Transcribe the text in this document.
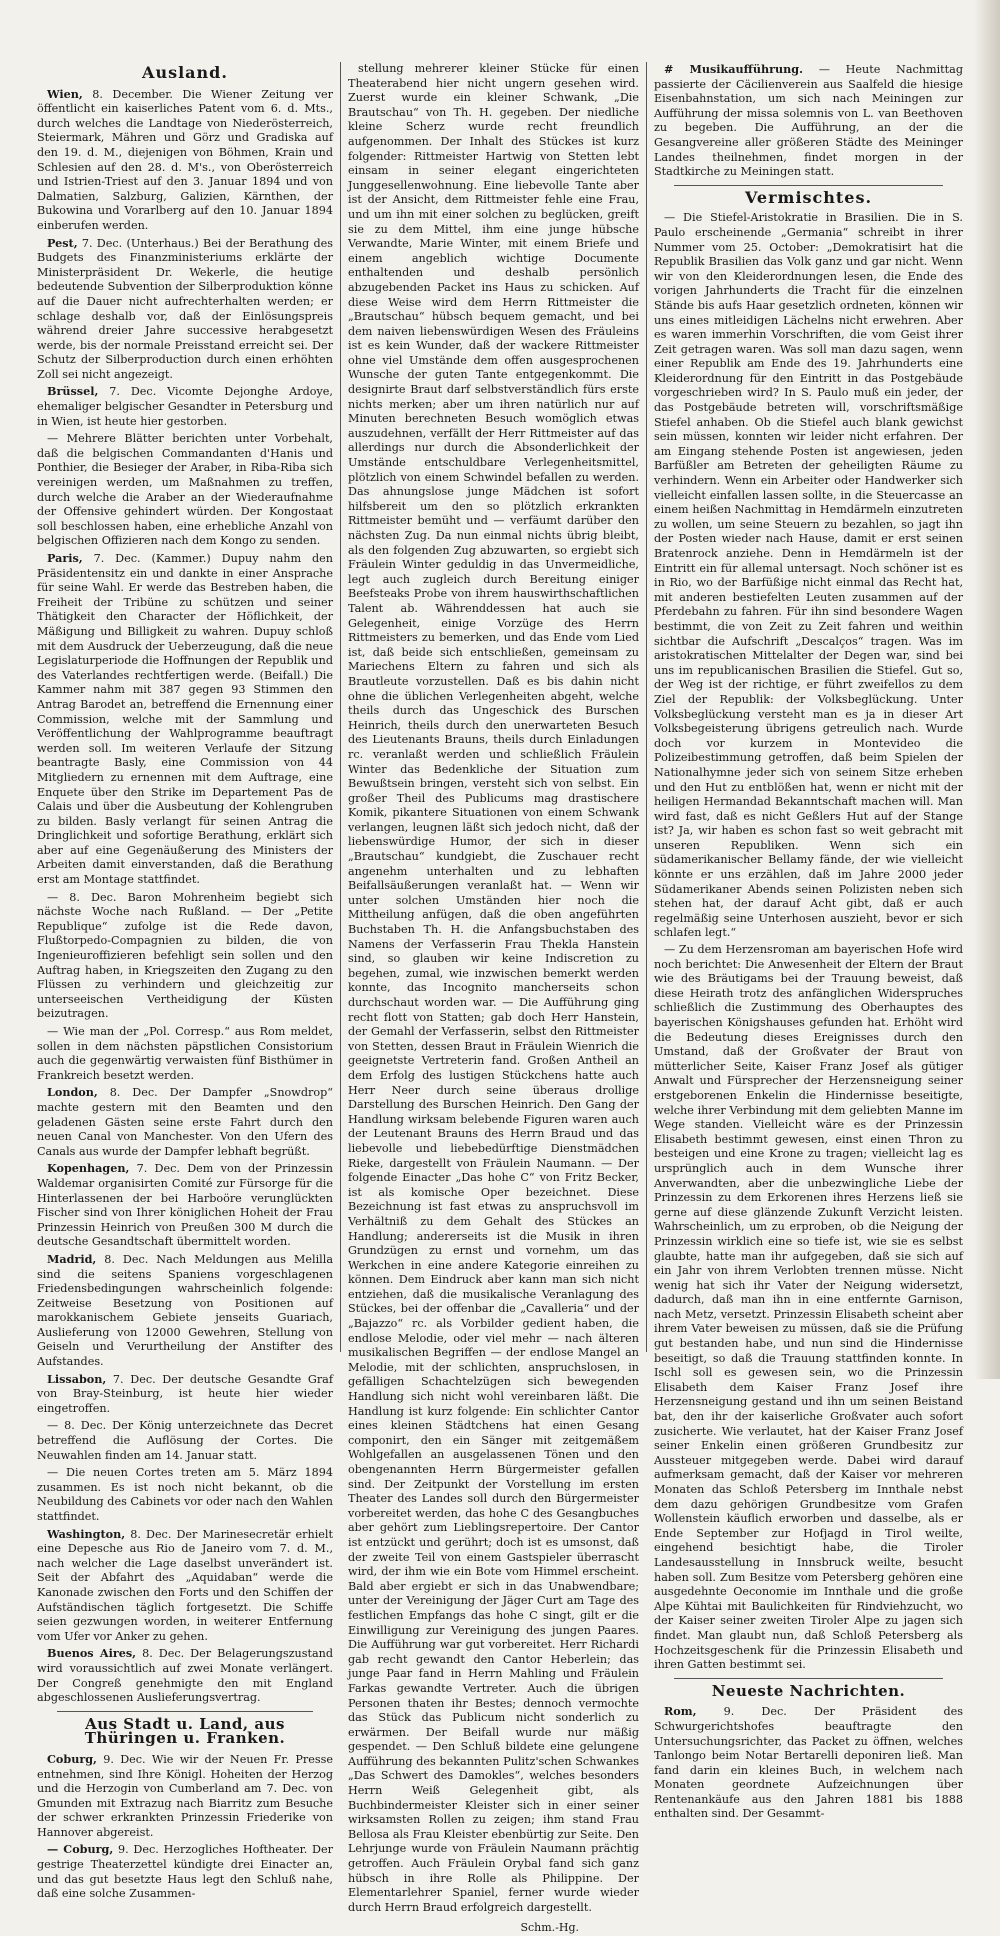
Ausland.

Wien, 8. December. Die Wiener Zeitung ver öffentlicht ein kaiserliches Patent vom 6. d. Mts., durch welches die Landtage von Niederösterreich, Steiermark, Mähren und Görz und Gradiska auf den 19. d. M., diejenigen von Böhmen, Krain und Schlesien auf den 28. d. M's., von Oberösterreich und Istrien-Triest auf den 3. Januar 1894 und von Dalmatien, Salzburg, Galizien, Kärnthen, der Bukowina und Vorarlberg auf den 10. Januar 1894 einberufen werden.

Pest, 7. Dec. (Unterhaus.) Bei der Berathung des Budgets des Finanzministeriums erklärte der Ministerpräsident Dr. Wekerle, die heutige bedeutende Subvention der Silberproduktion könne auf die Dauer nicht aufrechterhalten werden; er schlage deshalb vor, daß der Einlösungspreis während dreier Jahre successive herabgesetzt werde, bis der normale Preisstand erreicht sei. Der Schutz der Silberproduction durch einen erhöhten Zoll sei nicht angezeigt.

Brüssel, 7. Dec. Vicomte Dejonghe Ardoye, ehemaliger belgischer Gesandter in Petersburg und in Wien, ist heute hier gestorben.

— Mehrere Blätter berichten unter Vorbehalt, daß die belgischen Commandanten d'Hanis und Ponthier, die Besieger der Araber, in Riba-Riba sich vereinigen werden, um Maßnahmen zu treffen, durch welche die Araber an der Wiederaufnahme der Offensive gehindert würden. Der Kongostaat soll beschlossen haben, eine erhebliche Anzahl von belgischen Offizieren nach dem Kongo zu senden.

Paris, 7. Dec. (Kammer.) Dupuy nahm den Präsidentensitz ein und dankte in einer Ansprache für seine Wahl. Er werde das Bestreben haben, die Freiheit der Tribüne zu schützen und seiner Thätigkeit den Character der Höflichkeit, der Mäßigung und Billigkeit zu wahren. Dupuy schloß mit dem Ausdruck der Ueberzeugung, daß die neue Legislaturperiode die Hoffnungen der Republik und des Vaterlandes rechtfertigen werde. (Beifall.) Die Kammer nahm mit 387 gegen 93 Stimmen den Antrag Barodet an, betreffend die Ernennung einer Commission, welche mit der Sammlung und Veröffentlichung der Wahlprogramme beauftragt werden soll. Im weiteren Verlaufe der Sitzung beantragte Basly, eine Commission von 44 Mitgliedern zu ernennen mit dem Auftrage, eine Enquete über den Strike im Departement Pas de Calais und über die Ausbeutung der Kohlengruben zu bilden. Basly verlangt für seinen Antrag die Dringlichkeit und sofortige Berathung, erklärt sich aber auf eine Gegenäußerung des Ministers der Arbeiten damit einverstanden, daß die Berathung erst am Montage stattfindet.

— 8. Dec. Baron Mohrenheim begiebt sich nächste Woche nach Rußland. — Der „Petite Republique“ zufolge ist die Rede davon, Flußtorpedo-Compagnien zu bilden, die von Ingenieuroffizieren befehligt sein sollen und den Auftrag haben, in Kriegszeiten den Zugang zu den Flüssen zu verhindern und gleichzeitig zur unterseeischen Vertheidigung der Küsten beizutragen.

— Wie man der „Pol. Corresp.“ aus Rom meldet, sollen in dem nächsten päpstlichen Consistorium auch die gegenwärtig verwaisten fünf Bisthümer in Frankreich besetzt werden.

London, 8. Dec. Der Dampfer „Snowdrop“ machte gestern mit den Beamten und den geladenen Gästen seine erste Fahrt durch den neuen Canal von Manchester. Von den Ufern des Canals aus wurde der Dampfer lebhaft begrüßt.

Kopenhagen, 7. Dec. Dem von der Prinzessin Waldemar organisirten Comité zur Fürsorge für die Hinterlassenen der bei Harboöre verunglückten Fischer sind von Ihrer königlichen Hoheit der Frau Prinzessin Heinrich von Preußen 300 M durch die deutsche Gesandtschaft übermittelt worden.

Madrid, 8. Dec. Nach Meldungen aus Melilla sind die seitens Spaniens vorgeschlagenen Friedensbedingungen wahrscheinlich folgende: Zeitweise Besetzung von Positionen auf marokkanischem Gebiete jenseits Guariach, Auslieferung von 12000 Gewehren, Stellung von Geiseln und Verurtheilung der Anstifter des Aufstandes.

Lissabon, 7. Dec. Der deutsche Gesandte Graf von Bray-Steinburg, ist heute hier wieder eingetroffen.

— 8. Dec. Der König unterzeichnete das Decret betreffend die Auflösung der Cortes. Die Neuwahlen finden am 14. Januar statt.

— Die neuen Cortes treten am 5. März 1894 zusammen. Es ist noch nicht bekannt, ob die Neubildung des Cabinets vor oder nach den Wahlen stattfindet.

Washington, 8. Dec. Der Marinesecretär erhielt eine Depesche aus Rio de Janeiro vom 7. d. M., nach welcher die Lage daselbst unverändert ist. Seit der Abfahrt des „Aquidaban“ werde die Kanonade zwischen den Forts und den Schiffen der Aufständischen täglich fortgesetzt. Die Schiffe seien gezwungen worden, in weiterer Entfernung vom Ufer vor Anker zu gehen.

Buenos Aires, 8. Dec. Der Belagerungszustand wird voraussichtlich auf zwei Monate verlängert. Der Congreß genehmigte den mit England abgeschlossenen Auslieferungsvertrag.

Aus Stadt u. Land, aus Thüringen u. Franken.

Coburg, 9. Dec. Wie wir der Neuen Fr. Presse entnehmen, sind Ihre Königl. Hoheiten der Herzog und die Herzogin von Cumberland am 7. Dec. von Gmunden mit Extrazug nach Biarritz zum Besuche der schwer erkrankten Prinzessin Friederike von Hannover abgereist.

— Coburg, 9. Dec. Herzogliches Hoftheater. Der gestrige Theaterzettel kündigte drei Einacter an, und das gut besetzte Haus legt den Schluß nahe, daß eine solche Zusammen-

stellung mehrerer kleiner Stücke für einen Theaterabend hier nicht ungern gesehen wird. Zuerst wurde ein kleiner Schwank, „Die Brautschau“ von Th. H. gegeben. Der niedliche kleine Scherz wurde recht freundlich aufgenommen. Der Inhalt des Stückes ist kurz folgender: Rittmeister Hartwig von Stetten lebt einsam in seiner elegant eingerichteten Junggesellenwohnung. Eine liebevolle Tante aber ist der Ansicht, dem Rittmeister fehle eine Frau, und um ihn mit einer solchen zu beglücken, greift sie zu dem Mittel, ihm eine junge hübsche Verwandte, Marie Winter, mit einem Briefe und einem angeblich wichtige Documente enthaltenden und deshalb persönlich abzugebenden Packet ins Haus zu schicken. Auf diese Weise wird dem Herrn Rittmeister die „Brautschau“ hübsch bequem gemacht, und bei dem naiven liebenswürdigen Wesen des Fräuleins ist es kein Wunder, daß der wackere Rittmeister ohne viel Umstände dem offen ausgesprochenen Wunsche der guten Tante entgegenkommt. Die designirte Braut darf selbstverständlich fürs erste nichts merken; aber um ihren natürlich nur auf Minuten berechneten Besuch womöglich etwas auszudehnen, verfällt der Herr Rittmeister auf das allerdings nur durch die Absonderlichkeit der Umstände entschuldbare Verlegenheitsmittel, plötzlich von einem Schwindel befallen zu werden. Das ahnungslose junge Mädchen ist sofort hilfsbereit um den so plötzlich erkrankten Rittmeister bemüht und — verfäumt darüber den nächsten Zug. Da nun einmal nichts übrig bleibt, als den folgenden Zug abzuwarten, so ergiebt sich Fräulein Winter geduldig in das Unvermeidliche, legt auch zugleich durch Bereitung einiger Beefsteaks Probe von ihrem hauswirthschaftlichen Talent ab. Währenddessen hat auch sie Gelegenheit, einige Vorzüge des Herrn Rittmeisters zu bemerken, und das Ende vom Lied ist, daß beide sich entschließen, gemeinsam zu Mariechens Eltern zu fahren und sich als Brautleute vorzustellen. Daß es bis dahin nicht ohne die üblichen Verlegenheiten abgeht, welche theils durch das Ungeschick des Burschen Heinrich, theils durch den unerwarteten Besuch des Lieutenants Brauns, theils durch Einladungen rc. veranlaßt werden und schließlich Fräulein Winter das Bedenkliche der Situation zum Bewußtsein bringen, versteht sich von selbst. Ein großer Theil des Publicums mag drastischere Komik, pikantere Situationen von einem Schwank verlangen, leugnen läßt sich jedoch nicht, daß der liebenswürdige Humor, der sich in dieser „Brautschau“ kundgiebt, die Zuschauer recht angenehm unterhalten und zu lebhaften Beifallsäußerungen veranlaßt hat. — Wenn wir unter solchen Umständen hier noch die Mittheilung anfügen, daß die oben angeführten Buchstaben Th. H. die Anfangsbuchstaben des Namens der Verfasserin Frau Thekla Hanstein sind, so glauben wir keine Indiscretion zu begehen, zumal, wie inzwischen bemerkt werden konnte, das Incognito mancherseits schon durchschaut worden war. — Die Aufführung ging recht flott von Statten; gab doch Herr Hanstein, der Gemahl der Verfasserin, selbst den Rittmeister von Stetten, dessen Braut in Fräulein Wienrich die geeignetste Vertreterin fand. Großen Antheil an dem Erfolg des lustigen Stückchens hatte auch Herr Neer durch seine überaus drollige Darstellung des Burschen Heinrich. Den Gang der Handlung wirksam belebende Figuren waren auch der Leutenant Brauns des Herrn Braud und das liebevolle und liebebedürftige Dienstmädchen Rieke, dargestellt von Fräulein Naumann. — Der folgende Einacter „Das hohe C“ von Fritz Becker, ist als komische Oper bezeichnet. Diese Bezeichnung ist fast etwas zu anspruchsvoll im Verhältniß zu dem Gehalt des Stückes an Handlung; andererseits ist die Musik in ihren Grundzügen zu ernst und vornehm, um das Werkchen in eine andere Kategorie einreihen zu können. Dem Eindruck aber kann man sich nicht entziehen, daß die musikalische Veranlagung des Stückes, bei der offenbar die „Cavalleria“ und der „Bajazzo“ rc. als Vorbilder gedient haben, die endlose Melodie, oder viel mehr — nach älteren musikalischen Begriffen — der endlose Mangel an Melodie, mit der schlichten, anspruchslosen, in gefälligen Schachtelzügen sich bewegenden Handlung sich nicht wohl vereinbaren läßt. Die Handlung ist kurz folgende: Ein schlichter Cantor eines kleinen Städtchens hat einen Gesang componirt, den ein Sänger mit zeitgemäßem Wohlgefallen an ausgelassenen Tönen und den obengenannten Herrn Bürgermeister gefallen sind. Der Zeitpunkt der Vorstellung im ersten Theater des Landes soll durch den Bürgermeister vorbereitet werden, das hohe C des Gesangbuches aber gehört zum Lieblingsrepertoire. Der Cantor ist entzückt und gerührt; doch ist es umsonst, daß der zweite Teil von einem Gastspieler überrascht wird, der ihm wie ein Bote vom Himmel erscheint. Bald aber ergiebt er sich in das Unabwendbare; unter der Vereinigung der Jäger Curt am Tage des festlichen Empfangs das hohe C singt, gilt er die Einwilligung zur Vereinigung des jungen Paares. Die Aufführung war gut vorbereitet. Herr Richardi gab recht gewandt den Cantor Heberlein; das junge Paar fand in Herrn Mahling und Fräulein Farkas gewandte Vertreter. Auch die übrigen Personen thaten ihr Bestes; dennoch vermochte das Stück das Publicum nicht sonderlich zu erwärmen. Der Beifall wurde nur mäßig gespendet. — Den Schluß bildete eine gelungene Aufführung des bekannten Pulitz'schen Schwankes „Das Schwert des Damokles“, welches besonders Herrn Weiß Gelegenheit gibt, als Buchbindermeister Kleister sich in einer seiner wirksamsten Rollen zu zeigen; ihm stand Frau Bellosa als Frau Kleister ebenbürtig zur Seite. Den Lehrjunge wurde von Fräulein Naumann prächtig getroffen. Auch Fräulein Orybal fand sich ganz hübsch in ihre Rolle als Philippine. Der Elementarlehrer Spaniel, ferner wurde wieder durch Herrn Braud erfolgreich dargestellt.

Schm.-Hg.

# Musikaufführung. — Heute Nachmittag passierte der Cäcilienverein aus Saalfeld die hiesige Eisenbahnstation, um sich nach Meiningen zur Aufführung der missa solemnis von L. van Beethoven zu begeben. Die Aufführung, an der die Gesangvereine aller größeren Städte des Meininger Landes theilnehmen, findet morgen in der Stadtkirche zu Meiningen statt.

Vermischtes.

— Die Stiefel-Aristokratie in Brasilien. Die in S. Paulo erscheinende „Germania“ schreibt in ihrer Nummer vom 25. October: „Demokratisirt hat die Republik Brasilien das Volk ganz und gar nicht. Wenn wir von den Kleiderordnungen lesen, die Ende des vorigen Jahrhunderts die Tracht für die einzelnen Stände bis aufs Haar gesetzlich ordneten, können wir uns eines mitleidigen Lächelns nicht erwehren. Aber es waren immerhin Vorschriften, die vom Geist ihrer Zeit getragen waren. Was soll man dazu sagen, wenn einer Republik am Ende des 19. Jahrhunderts eine Kleiderordnung für den Eintritt in das Postgebäude vorgeschrieben wird? In S. Paulo muß ein jeder, der das Postgebäude betreten will, vorschriftsmäßige Stiefel anhaben. Ob die Stiefel auch blank gewichst sein müssen, konnten wir leider nicht erfahren. Der am Eingang stehende Posten ist angewiesen, jeden Barfüßler am Betreten der geheiligten Räume zu verhindern. Wenn ein Arbeiter oder Handwerker sich vielleicht einfallen lassen sollte, in die Steuercasse an einem heißen Nachmittag in Hemdärmeln einzutreten zu wollen, um seine Steuern zu bezahlen, so jagt ihn der Posten wieder nach Hause, damit er erst seinen Bratenrock anziehe. Denn in Hemdärmeln ist der Eintritt ein für allemal untersagt. Noch schöner ist es in Rio, wo der Barfüßige nicht einmal das Recht hat, mit anderen bestiefelten Leuten zusammen auf der Pferdebahn zu fahren. Für ihn sind besondere Wagen bestimmt, die von Zeit zu Zeit fahren und weithin sichtbar die Aufschrift „Descalços“ tragen. Was im aristokratischen Mittelalter der Degen war, sind bei uns im republicanischen Brasilien die Stiefel. Gut so, der Weg ist der richtige, er führt zweifellos zu dem Ziel der Republik: der Volksbeglückung. Unter Volksbeglückung versteht man es ja in dieser Art Volksbegeisterung übrigens getreulich nach. Wurde doch vor kurzem in Montevideo die Polizeibestimmung getroffen, daß beim Spielen der Nationalhymne jeder sich von seinem Sitze erheben und den Hut zu entblößen hat, wenn er nicht mit der heiligen Hermandad Bekanntschaft machen will. Man wird fast, daß es nicht Geßlers Hut auf der Stange ist? Ja, wir haben es schon fast so weit gebracht mit unseren Republiken. Wenn sich ein südamerikanischer Bellamy fände, der wie vielleicht könnte er uns erzählen, daß im Jahre 2000 jeder Südamerikaner Abends seinen Polizisten neben sich stehen hat, der darauf Acht gibt, daß er auch regelmäßig seine Unterhosen auszieht, bevor er sich schlafen legt.“

— Zu dem Herzensroman am bayerischen Hofe wird noch berichtet: Die Anwesenheit der Eltern der Braut wie des Bräutigams bei der Trauung beweist, daß diese Heirath trotz des anfänglichen Widerspruches schließlich die Zustimmung des Oberhauptes des bayerischen Königshauses gefunden hat. Erhöht wird die Bedeutung dieses Ereignisses durch den Umstand, daß der Großvater der Braut von mütterlicher Seite, Kaiser Franz Josef als gütiger Anwalt und Fürsprecher der Herzensneigung seiner erstgeborenen Enkelin die Hindernisse beseitigte, welche ihrer Verbindung mit dem geliebten Manne im Wege standen. Vielleicht wäre es der Prinzessin Elisabeth bestimmt gewesen, einst einen Thron zu besteigen und eine Krone zu tragen; vielleicht lag es ursprünglich auch in dem Wunsche ihrer Anverwandten, aber die unbezwingliche Liebe der Prinzessin zu dem Erkorenen ihres Herzens ließ sie gerne auf diese glänzende Zukunft Verzicht leisten. Wahrscheinlich, um zu erproben, ob die Neigung der Prinzessin wirklich eine so tiefe ist, wie sie es selbst glaubte, hatte man ihr aufgegeben, daß sie sich auf ein Jahr von ihrem Verlobten trennen müsse. Nicht wenig hat sich ihr Vater der Neigung widersetzt, dadurch, daß man ihn in eine entfernte Garnison, nach Metz, versetzt. Prinzessin Elisabeth scheint aber ihrem Vater beweisen zu müssen, daß sie die Prüfung gut bestanden habe, und nun sind die Hindernisse beseitigt, so daß die Trauung stattfinden konnte. In Ischl soll es gewesen sein, wo die Prinzessin Elisabeth dem Kaiser Franz Josef ihre Herzensneigung gestand und ihn um seinen Beistand bat, den ihr der kaiserliche Großvater auch sofort zusicherte. Wie verlautet, hat der Kaiser Franz Josef seiner Enkelin einen größeren Grundbesitz zur Aussteuer mitgegeben werde. Dabei wird darauf aufmerksam gemacht, daß der Kaiser vor mehreren Monaten das Schloß Petersberg im Innthale nebst dem dazu gehörigen Grundbesitze vom Grafen Wollenstein käuflich erworben und dasselbe, als er Ende September zur Hofjagd in Tirol weilte, eingehend besichtigt habe, die Tiroler Landesausstellung in Innsbruck weilte, besucht haben soll. Zum Besitze vom Petersberg gehören eine ausgedehnte Oeconomie im Innthale und die große Alpe Kühtai mit Baulichkeiten für Rindviehzucht, wo der Kaiser seiner zweiten Tiroler Alpe zu jagen sich findet. Man glaubt nun, daß Schloß Petersberg als Hochzeitsgeschenk für die Prinzessin Elisabeth und ihren Gatten bestimmt sei.

Neueste Nachrichten.

Rom, 9. Dec. Der Präsident des Schwurgerichtshofes beauftragte den Untersuchungsrichter, das Packet zu öffnen, welches Tanlongo beim Notar Bertarelli deponiren ließ. Man fand darin ein kleines Buch, in welchem nach Monaten geordnete Aufzeichnungen über Rentenankäufe aus den Jahren 1881 bis 1888 enthalten sind. Der Gesammt-
